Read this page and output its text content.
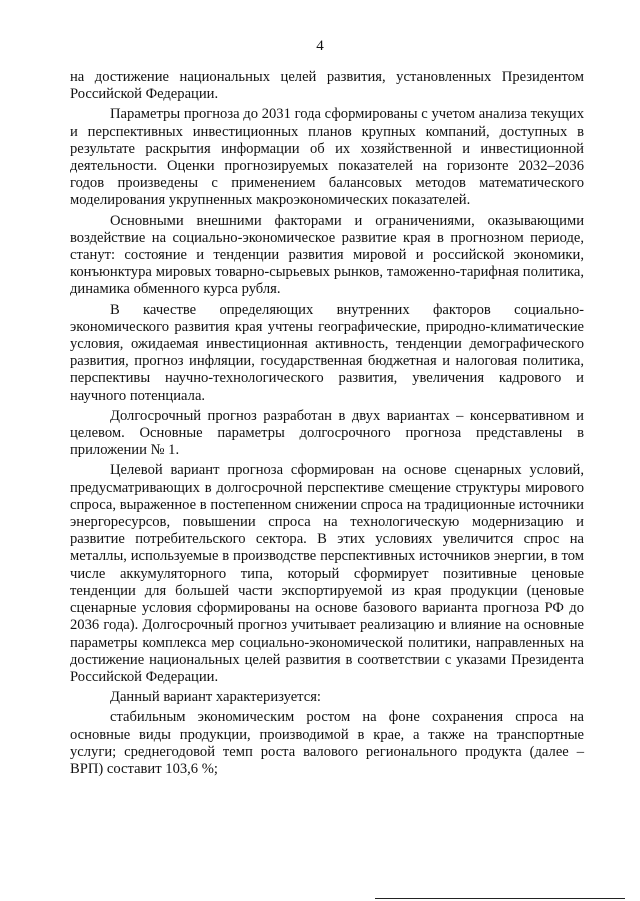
4

на достижение национальных целей развития, установленных Президентом Российской Федерации.

Параметры прогноза до 2031 года сформированы с учетом анализа текущих и перспективных инвестиционных планов крупных компаний, доступных в результате раскрытия информации об их хозяйственной и инвестиционной деятельности. Оценки прогнозируемых показателей на горизонте 2032–2036 годов произведены с применением балансовых методов математического моделирования укрупненных макроэкономических показателей.

Основными внешними факторами и ограничениями, оказывающими воздействие на социально-экономическое развитие края в прогнозном периоде, станут: состояние и тенденции развития мировой и российской экономики, конъюнктура мировых товарно-сырьевых рынков, таможенно-тарифная политика, динамика обменного курса рубля.

В качестве определяющих внутренних факторов социально-экономического развития края учтены географические, природно-климатические условия, ожидаемая инвестиционная активность, тенденции демографического развития, прогноз инфляции, государственная бюджетная и налоговая политика, перспективы научно-технологического развития, увеличения кадрового и научного потенциала.

Долгосрочный прогноз разработан в двух вариантах – консервативном и целевом. Основные параметры долгосрочного прогноза представлены в приложении № 1.

Целевой вариант прогноза сформирован на основе сценарных условий, предусматривающих в долгосрочной перспективе смещение структуры мирового спроса, выраженное в постепенном снижении спроса на традиционные источники энергоресурсов, повышении спроса на технологическую модернизацию и развитие потребительского сектора. В этих условиях увеличится спрос на металлы, используемые в производстве перспективных источников энергии, в том числе аккумуляторного типа, который сформирует позитивные ценовые тенденции для большей части экспортируемой из края продукции (ценовые сценарные условия сформированы на основе базового варианта прогноза РФ до 2036 года). Долгосрочный прогноз учитывает реализацию и влияние на основные параметры комплекса мер социально-экономической политики, направленных на достижение национальных целей развития в соответствии с указами Президента Российской Федерации.

Данный вариант характеризуется:

стабильным экономическим ростом на фоне сохранения спроса на основные виды продукции, производимой в крае, а также на транспортные услуги; среднегодовой темп роста валового регионального продукта (далее – ВРП) составит 103,6 %;
